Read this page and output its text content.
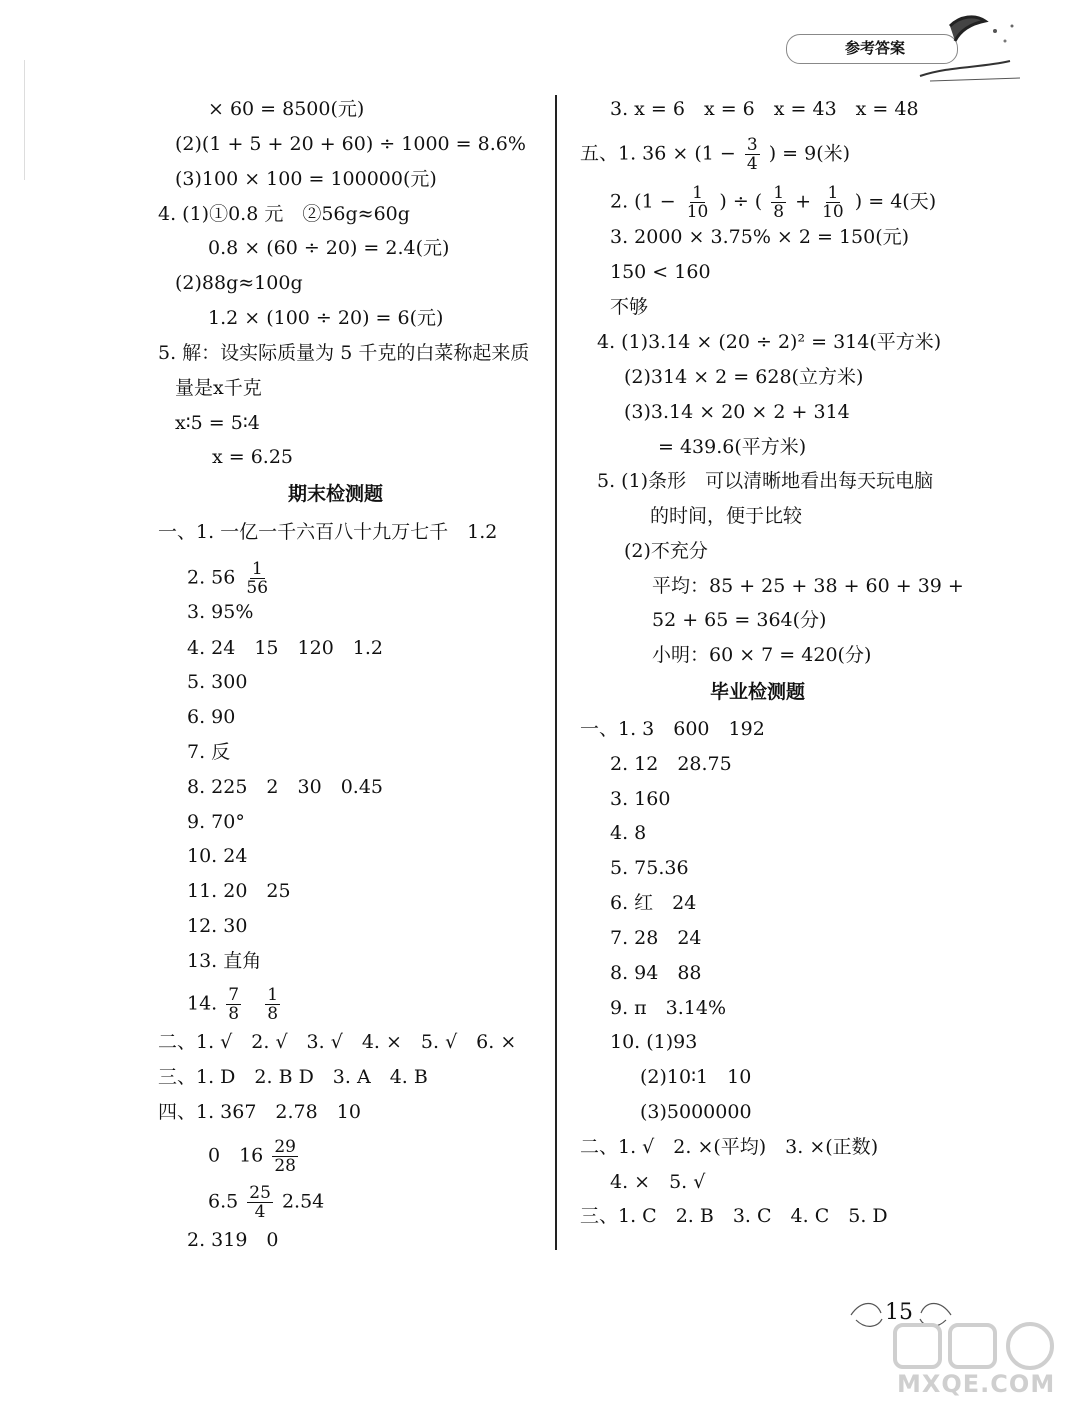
参考答案
× 60 = 8500(元)
(2)(1 + 5 + 20 + 60) ÷ 1000 = 8.6%
(3)100 × 100 = 100000(元)
4. (1)①0.8 元　②56g≈60g
0.8 × (60 ÷ 20) = 2.4(元)
(2)88g≈100g
1.2 × (100 ÷ 20) = 6(元)
5. 解：设实际质量为 5 千克的白菜称起来质
量是x千克
x∶5 = 5∶4
x = 6.25
期末检测题
一、1. 一亿一千六百八十九万七千　1.2
2. $56 \frac{1}{56}$
3. 95%
4. 24　15　120　1.2
5. 300
6. 90
7. 反
8. 225　2　30　0.45
9. 70°
10. 24
11. 20　25
12. 30
13. 直角
14. $\frac{7}{8}$
$\frac{1}{8}$
二、1. √　2. √　3. √　4. ×　5. √　6. ×
三、1. D　2. B D　3. A　4. B
四、1. 367　2.78　10
0　$16 \frac{29}{28}$
$6.5 \frac{25}{4} 2.54$
2. 319　0
3. x = 6　x = 6　x = 43　x = 48
五、1. $36 \times (1 - \frac{3}{4}$ ) = 9(米)
2. ($1 - \frac{1}{10}$ ) ÷ ( $\frac{1}{8} + \frac{1}{10}$ ) = 4(天)
3. 2000 × 3.75% × 2 = 150(元)
150 < 160
不够
4. (1)3.14 × (20 ÷ 2)² = 314(平方米)
(2)314 × 2 = 628(立方米)
(3)3.14 × 20 × 2 + 314
= 439.6(平方米)
5. (1)条形　可以清晰地看出每天玩电脑
的时间，便于比较
(2)不充分
平均：85 + 25 + 38 + 60 + 39 +
52 + 65 = 364(分)
小明：60 × 7 = 420(分)
毕业检测题
一、1. 3　600　192
2. 12　28.75
3. 160
4. 8
5. 75.36
6. 红　24
7. 28　24
8. 94　88
9. π　3.14%
10. (1)93
(2)10∶1　10
(3)5000000
二、1. √　2. ×(平均)　3. ×(正数)
4. ×　5. √
三、1. C　2. B　3. C　4. C　5. D
15
MXQE.COM
